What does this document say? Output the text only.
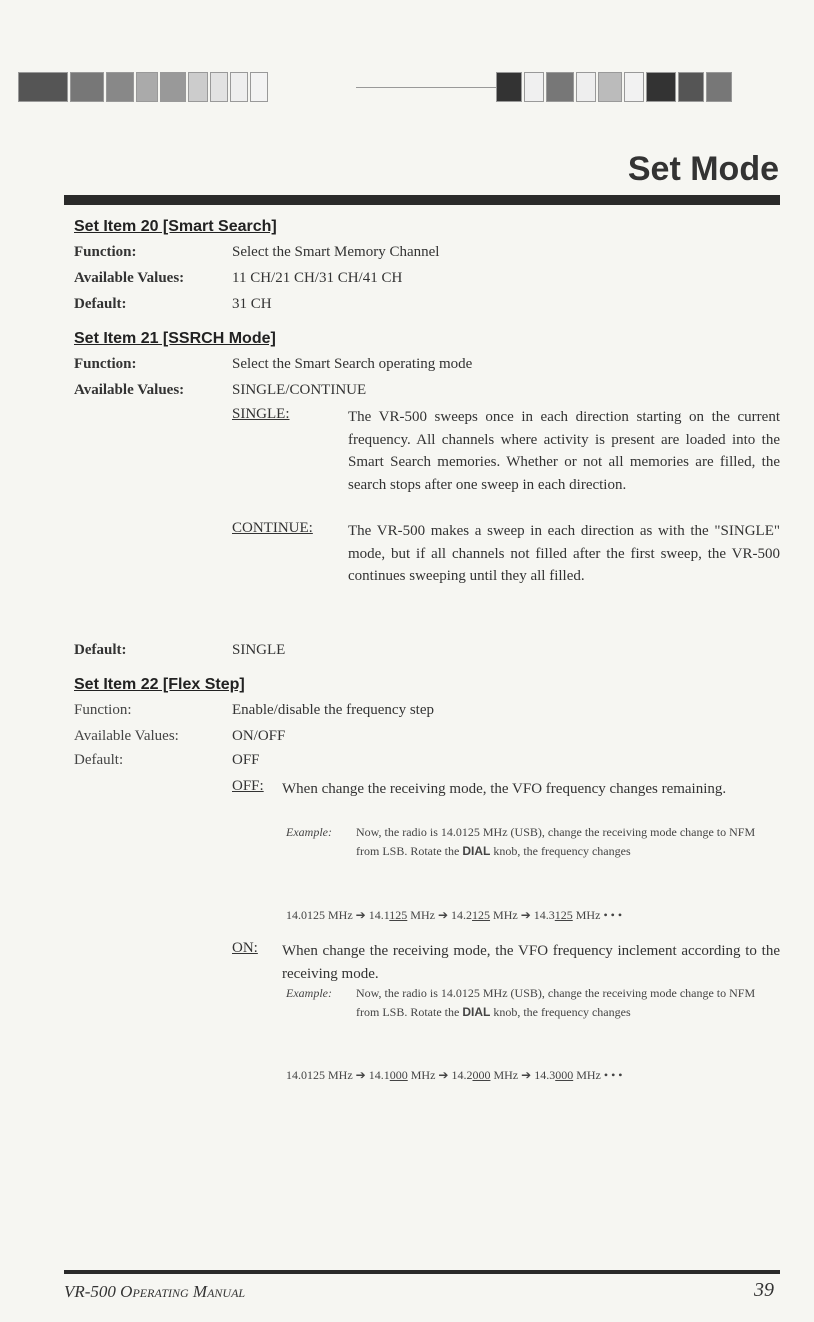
Set Mode
Set Item 20 [Smart Search]
Function:	Select the Smart Memory Channel
Available Values:	11 CH/21 CH/31 CH/41 CH
Default:	31 CH
Set Item 21 [SSRCH Mode]
Function:	Select the Smart Search operating mode
Available Values:	SINGLE/CONTINUE
SINGLE:	The VR-500 sweeps once in each direction starting on the current frequency. All channels where activity is present are loaded into the Smart Search memories. Whether or not all memories are filled, the search stops after one sweep in each direction.
CONTINUE: The VR-500 makes a sweep in each direction as with the "SINGLE" mode, but if all channels not filled after the first sweep, the VR-500 continues sweeping until they all filled.
Default:	SINGLE
Set Item 22 [Flex Step]
Function:	Enable/disable the frequency step
Available Values:	ON/OFF
Default:	OFF
OFF: When change the receiving mode, the VFO frequency changes remaining.
Example: Now, the radio is 14.0125 MHz (USB), change the receiving mode change to NFM from LSB. Rotate the DIAL knob, the frequency changes
14.0125 MHz ➔ 14.1125 MHz ➔ 14.2125 MHz ➔ 14.3125 MHz • • •
ON: When change the receiving mode, the VFO frequency inclement according to the receiving mode.
Example: Now, the radio is 14.0125 MHz (USB), change the receiving mode change to NFM from LSB. Rotate the DIAL knob, the frequency changes
14.0125 MHz ➔ 14.1000 MHz ➔ 14.2000 MHz ➔ 14.3000 MHz • • •
VR-500 Operating Manual	39
